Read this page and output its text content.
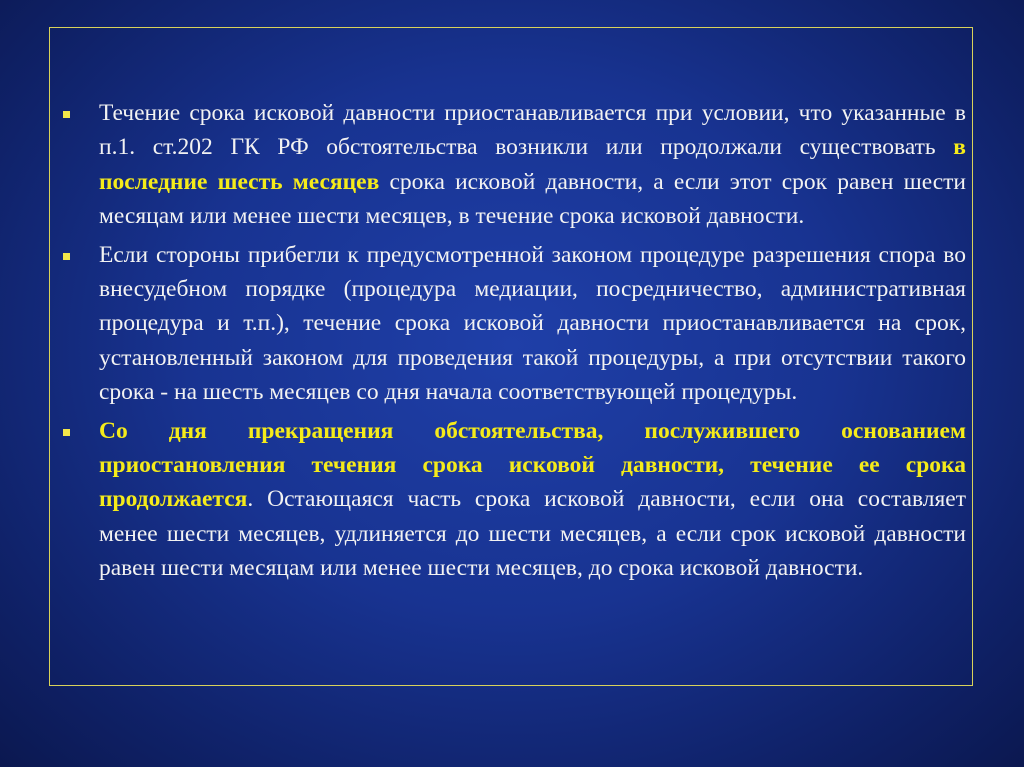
Течение срока исковой давности приостанавливается при условии, что указанные в п.1. ст.202 ГК РФ обстоятельства возникли или продолжали существовать в последние шесть месяцев срока исковой давности, а если этот срок равен шести месяцам или менее шести месяцев, в течение срока исковой давности.

Если стороны прибегли к предусмотренной законом процедуре разрешения спора во внесудебном порядке (процедура медиации, посредничество, административная процедура и т.п.), течение срока исковой давности приостанавливается на срок, установленный законом для проведения такой процедуры, а при отсутствии такого срока - на шесть месяцев со дня начала соответствующей процедуры.

Со дня прекращения обстоятельства, послужившего основанием приостановления течения срока исковой давности, течение ее срока продолжается. Остающаяся часть срока исковой давности, если она составляет менее шести месяцев, удлиняется до шести месяцев, а если срок исковой давности равен шести месяцам или менее шести месяцев, до срока исковой давности.
